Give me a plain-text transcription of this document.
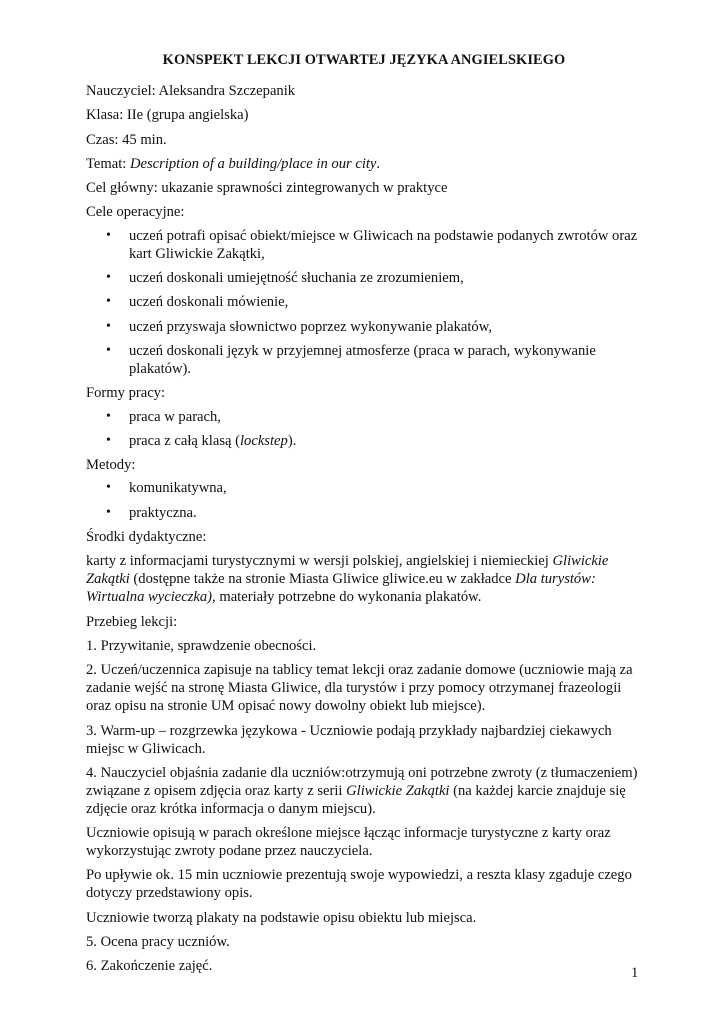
KONSPEKT LEKCJI OTWARTEJ JĘZYKA ANGIELSKIEGO

Nauczyciel: Aleksandra Szczepanik

Klasa: IIe (grupa angielska)

Czas: 45 min.

Temat: Description of a building/place in our city.

Cel główny: ukazanie sprawności zintegrowanych w praktyce

Cele operacyjne:

• uczeń potrafi opisać obiekt/miejsce w Gliwicach na podstawie podanych zwrotów oraz kart Gliwickie Zakątki,
• uczeń doskonali umiejętność słuchania ze zrozumieniem,
• uczeń doskonali mówienie,
• uczeń przyswaja słownictwo poprzez wykonywanie plakatów,
• uczeń doskonali język w przyjemnej atmosferze (praca w parach, wykonywanie plakatów).

Formy pracy:

• praca w parach,
• praca z całą klasą (lockstep).

Metody:

• komunikatywna,
• praktyczna.

Środki dydaktyczne:

karty z informacjami turystycznymi w wersji polskiej, angielskiej i niemieckiej Gliwickie Zakątki (dostępne także na stronie Miasta Gliwice gliwice.eu w zakładce Dla turystów: Wirtualna wycieczka), materiały potrzebne do wykonania plakatów.

Przebieg lekcji:

1. Przywitanie, sprawdzenie obecności.

2. Uczeń/uczennica zapisuje na tablicy temat lekcji oraz zadanie domowe (uczniowie mają za zadanie wejść na stronę Miasta Gliwice, dla turystów i przy pomocy otrzymanej frazeologii oraz opisu na stronie UM opisać nowy dowolny obiekt lub miejsce).

3. Warm-up – rozgrzewka językowa - Uczniowie podają przykłady najbardziej ciekawych miejsc w Gliwicach.

4. Nauczyciel objaśnia zadanie dla uczniów:otrzymują oni potrzebne zwroty (z tłumaczeniem) związane z opisem zdjęcia oraz karty z serii Gliwickie Zakątki (na każdej karcie znajduje się zdjęcie oraz krótka informacja o danym miejscu).

Uczniowie opisują w parach określone miejsce łącząc informacje turystyczne z karty oraz wykorzystując zwroty podane przez nauczyciela.

Po upływie ok. 15 min uczniowie prezentują swoje wypowiedzi, a reszta klasy zgaduje czego dotyczy przedstawiony opis.

Uczniowie tworzą plakaty na podstawie opisu obiektu lub miejsca.

5. Ocena pracy uczniów.

6. Zakończenie zajęć.	1
